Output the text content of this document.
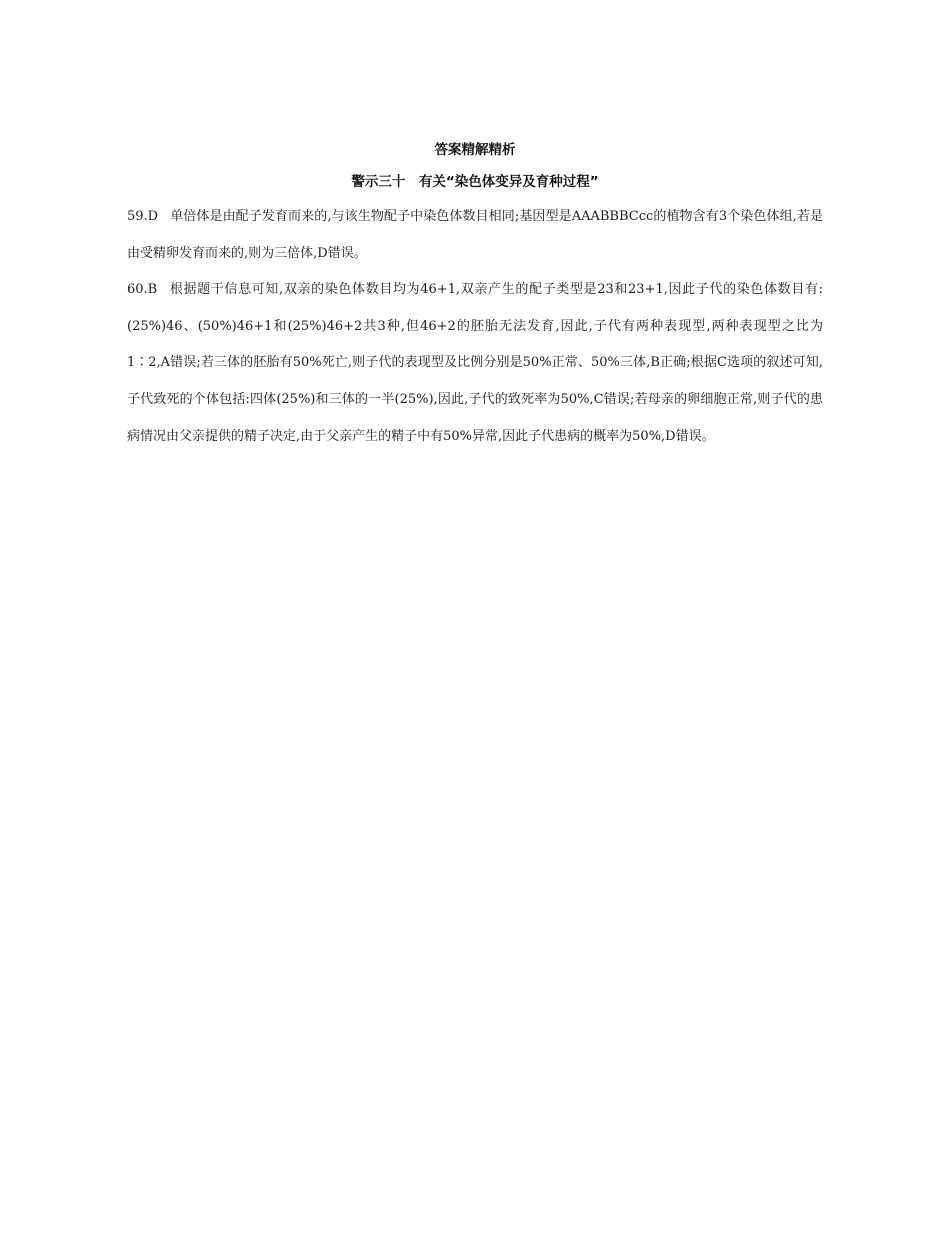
答案精解精析
警示三十　有关“染色体变异及育种过程”

59.D 单倍体是由配子发育而来的,与该生物配子中染色体数目相同;基因型是AAABBBCcc的植物含有3个染色体组,若是由受精卵发育而来的,则为三倍体,D错误。

60.B 根据题干信息可知,双亲的染色体数目均为46+1,双亲产生的配子类型是23和23+1,因此子代的染色体数目有:(25%)46、(50%)46+1和(25%)46+2共3种,但46+2的胚胎无法发育,因此,子代有两种表现型,两种表现型之比为1∶2,A错误;若三体的胚胎有50%死亡,则子代的表现型及比例分别是50%正常、50%三体,B正确;根据C选项的叙述可知,子代致死的个体包括:四体(25%)和三体的一半(25%),因此,子代的致死率为50%,C错误;若母亲的卵细胞正常,则子代的患病情况由父亲提供的精子决定,由于父亲产生的精子中有50%异常,因此子代患病的概率为50%,D错误。
